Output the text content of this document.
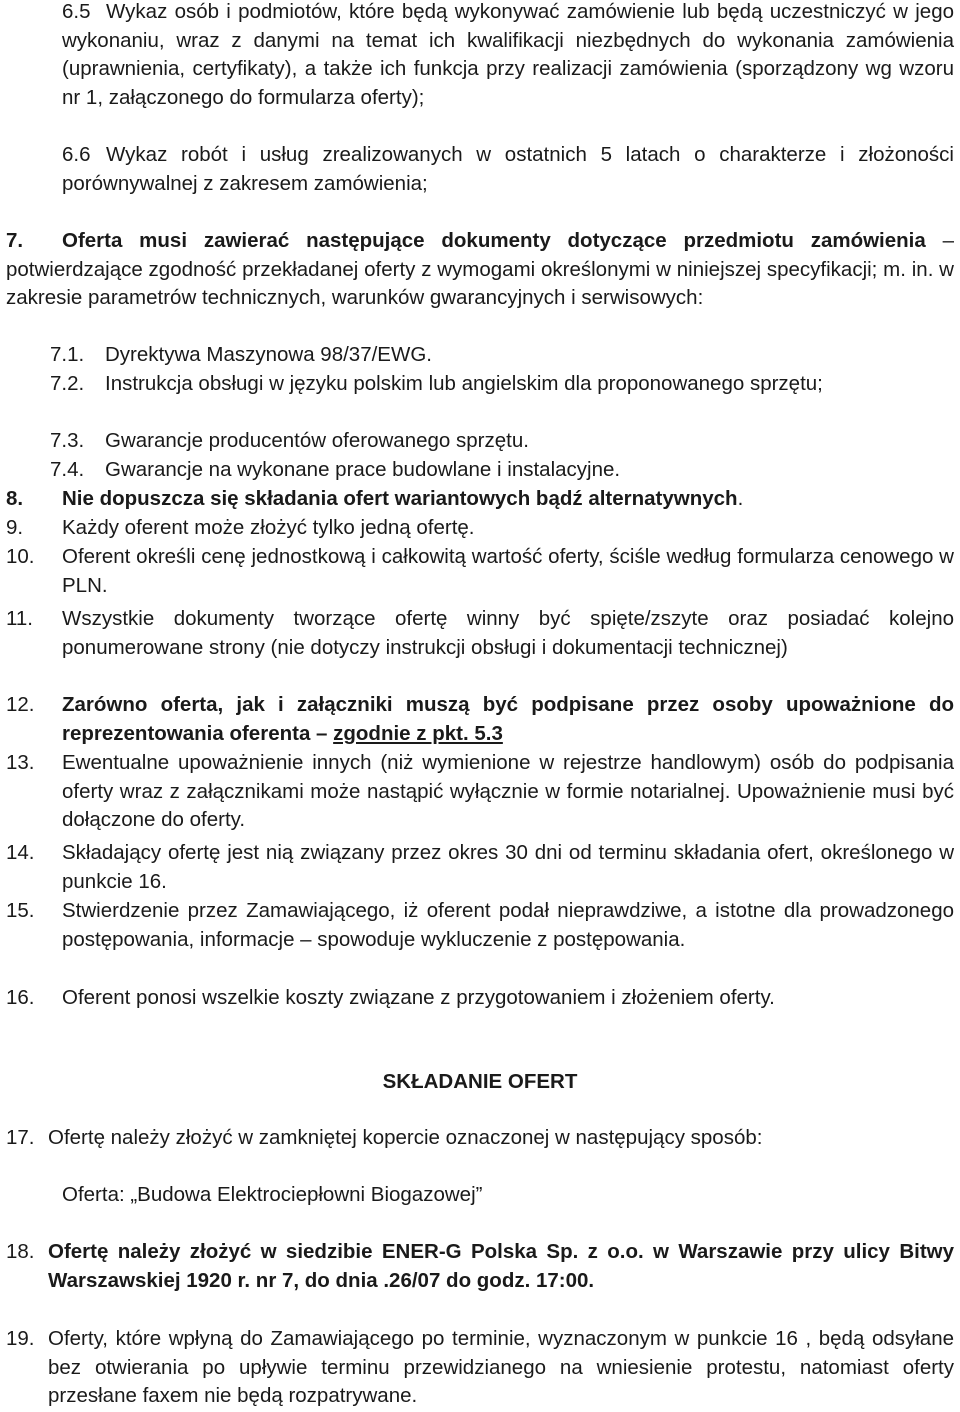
6.5 Wykaz osób i podmiotów, które będą wykonywać zamówienie lub będą uczestniczyć w jego wykonaniu, wraz z danymi na temat ich kwalifikacji niezbędnych do wykonania zamówienia (uprawnienia, certyfikaty), a także ich funkcja przy realizacji zamówienia (sporządzony wg wzoru nr 1, załączonego do formularza oferty);
6.6 Wykaz robót i usług zrealizowanych w ostatnich 5 latach o charakterze i złożoności porównywalnej z zakresem zamówienia;
7.	Oferta musi zawierać następujące dokumenty dotyczące przedmiotu zamówienia – potwierdzające zgodność przekładanej oferty z wymogami określonymi w niniejszej specyfikacji; m. in. w zakresie parametrów technicznych, warunków gwarancyjnych i serwisowych:
7.1. Dyrektywa Maszynowa 98/37/EWG.
7.2. Instrukcja obsługi w języku polskim lub angielskim dla proponowanego sprzętu;
7.3. Gwarancje producentów oferowanego sprzętu.
7.4. Gwarancje na wykonane prace budowlane i instalacyjne.
8. Nie dopuszcza się składania ofert wariantowych bądź alternatywnych.
9. Każdy oferent może złożyć tylko jedną ofertę.
10. Oferent określi cenę jednostkową i całkowitą wartość oferty, ściśle według formularza cenowego w PLN.
11. Wszystkie dokumenty tworzące ofertę winny być spięte/zszyte oraz posiadać kolejno ponumerowane strony (nie dotyczy instrukcji obsługi i dokumentacji technicznej)
12. Zarówno oferta, jak i załączniki muszą być podpisane przez osoby upoważnione do reprezentowania oferenta – zgodnie z pkt. 5.3
13. Ewentualne upoważnienie innych (niż wymienione w rejestrze handlowym) osób do podpisania oferty wraz z załącznikami może nastąpić wyłącznie w formie notarialnej. Upoważnienie musi być dołączone do oferty.
14. Składający ofertę jest nią związany przez okres 30 dni od terminu składania ofert, określonego w punkcie 16.
15. Stwierdzenie przez Zamawiającego, iż oferent podał nieprawdziwe, a istotne dla prowadzonego postępowania, informacje – spowoduje wykluczenie z postępowania.
16. Oferent ponosi wszelkie koszty związane z przygotowaniem i złożeniem oferty.
SKŁADANIE OFERT
17. Ofertę należy złożyć w zamkniętej kopercie oznaczonej w następujący sposób:
Oferta: „Budowa Elektrociepłowni Biogazowej”
18. Ofertę należy złożyć w siedzibie ENER-G Polska Sp. z o.o. w Warszawie przy ulicy Bitwy Warszawskiej 1920 r. nr 7, do dnia .26/07 do godz. 17:00.
19. Oferty, które wpłyną do Zamawiającego po terminie, wyznaczonym w punkcie 16 , będą odsyłane bez otwierania po upływie terminu przewidzianego na wniesienie protestu, natomiast oferty przesłane faxem nie będą rozpatrywane.
